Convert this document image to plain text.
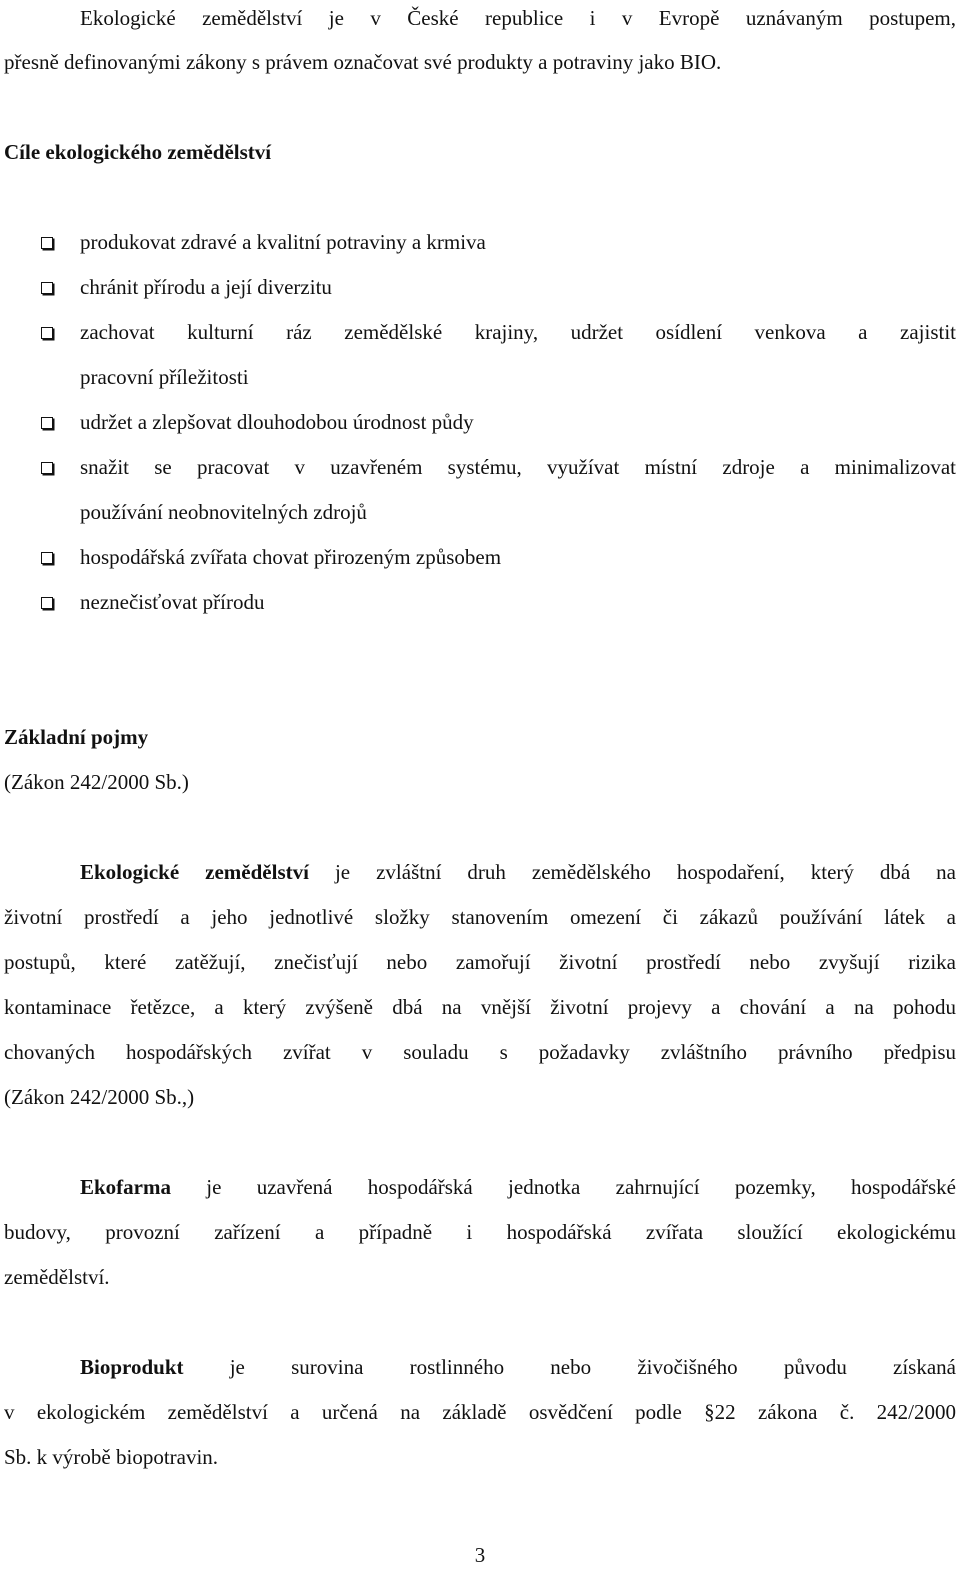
Ekologické zemědělství je v České republice i v Evropě uznávaným postupem,
přesně definovanými zákony s právem označovat své produkty a potraviny jako BIO.
Cíle ekologického zemědělství
produkovat zdravé a kvalitní potraviny a krmiva
chránit přírodu a její diverzitu
zachovat kulturní ráz zemědělské krajiny, udržet osídlení venkova a zajistit
pracovní příležitosti
udržet a zlepšovat dlouhodobou úrodnost půdy
snažit se pracovat v uzavřeném systému, využívat místní zdroje a minimalizovat
používání neobnovitelných zdrojů
hospodářská zvířata chovat přirozeným způsobem
neznečisťovat přírodu
Základní pojmy
(Zákon 242/2000 Sb.)
Ekologické zemědělství je zvláštní druh zemědělského hospodaření, který dbá na
životní prostředí a jeho jednotlivé složky stanovením omezení či zákazů používání látek a
postupů, které zatěžují, znečisťují nebo zamořují životní prostředí nebo zvyšují rizika
kontaminace řetězce, a který zvýšeně dbá na vnější životní projevy a chování a na pohodu
chovaných hospodářských zvířat v souladu s požadavky zvláštního právního předpisu
(Zákon 242/2000 Sb.,)
Ekofarma je uzavřená hospodářská jednotka zahrnující pozemky, hospodářské
budovy, provozní zařízení a případně i hospodářská zvířata sloužící ekologickému
zemědělství.
Bioprodukt je surovina rostlinného nebo živočišného původu získaná
v ekologickém zemědělství a určená na základě osvědčení podle §22 zákona č. 242/2000
Sb. k výrobě biopotravin.
3
